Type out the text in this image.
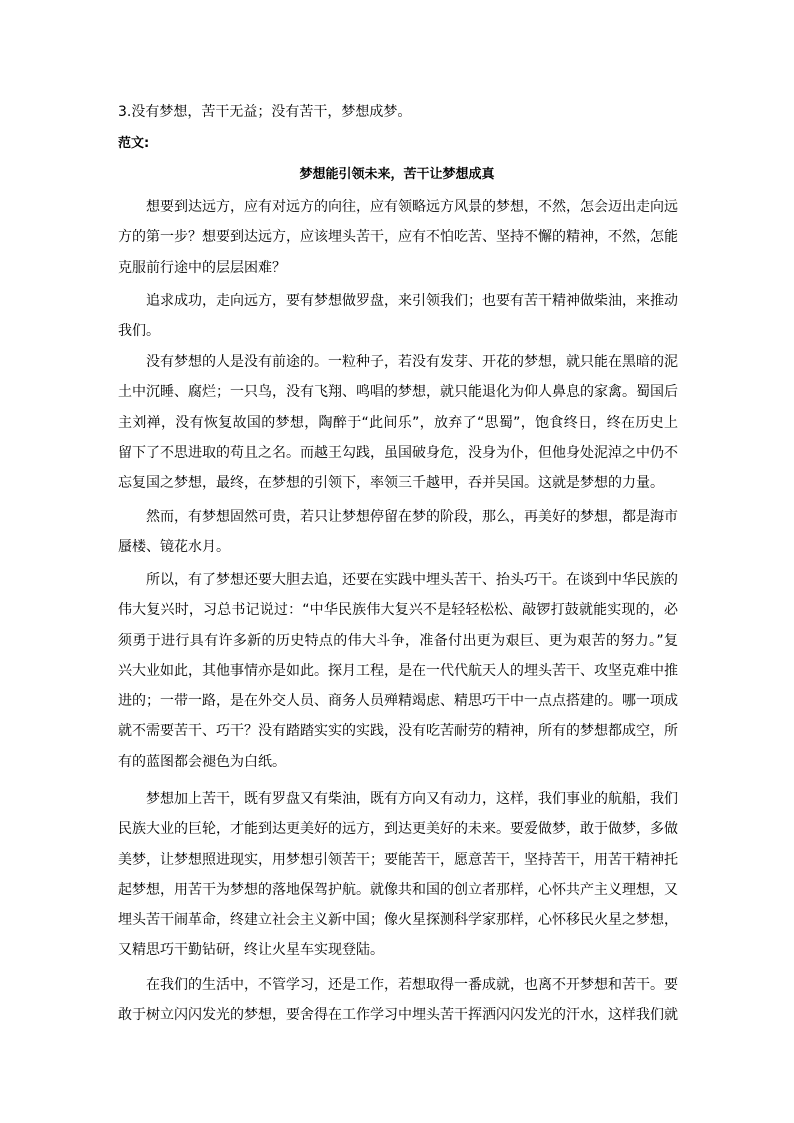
3.没有梦想，苦干无益；没有苦干，梦想成梦。

范文:

梦想能引领未来，苦干让梦想成真

想要到达远方，应有对远方的向往，应有领略远方风景的梦想，不然，怎会迈出走向远方的第一步？想要到达远方，应该埋头苦干，应有不怕吃苦、坚持不懈的精神，不然，怎能克服前行途中的层层困难？

追求成功，走向远方，要有梦想做罗盘，来引领我们；也要有苦干精神做柴油，来推动我们。

没有梦想的人是没有前途的。一粒种子，若没有发芽、开花的梦想，就只能在黑暗的泥土中沉睡、腐烂；一只鸟，没有飞翔、鸣唱的梦想，就只能退化为仰人鼻息的家禽。蜀国后主刘禅，没有恢复故国的梦想，陶醉于“此间乐”，放弃了“思蜀”，饱食终日，终在历史上留下了不思进取的苟且之名。而越王勾践，虽国破身危，没身为仆，但他身处泥淖之中仍不忘复国之梦想，最终，在梦想的引领下，率领三千越甲，吞并吴国。这就是梦想的力量。

然而，有梦想固然可贵，若只让梦想停留在梦的阶段，那么，再美好的梦想，都是海市蜃楼、镜花水月。

所以，有了梦想还要大胆去追，还要在实践中埋头苦干、抬头巧干。在谈到中华民族的伟大复兴时，习总书记说过：“中华民族伟大复兴不是轻轻松松、敲锣打鼓就能实现的，必须勇于进行具有许多新的历史特点的伟大斗争，准备付出更为艰巨、更为艰苦的努力。”复兴大业如此，其他事情亦是如此。探月工程，是在一代代航天人的埋头苦干、攻坚克难中推进的；一带一路，是在外交人员、商务人员殚精竭虑、精思巧干中一点点搭建的。哪一项成就不需要苦干、巧干？没有踏踏实实的实践，没有吃苦耐劳的精神，所有的梦想都成空，所有的蓝图都会褪色为白纸。

梦想加上苦干，既有罗盘又有柴油，既有方向又有动力，这样，我们事业的航船，我们民族大业的巨轮，才能到达更美好的远方，到达更美好的未来。要爱做梦，敢于做梦，多做美梦，让梦想照进现实，用梦想引领苦干；要能苦干，愿意苦干，坚持苦干，用苦干精神托起梦想，用苦干为梦想的落地保驾护航。就像共和国的创立者那样，心怀共产主义理想，又埋头苦干闹革命，终建立社会主义新中国；像火星探测科学家那样，心怀移民火星之梦想，又精思巧干勤钻研，终让火星车实现登陆。

在我们的生活中，不管学习，还是工作，若想取得一番成就，也离不开梦想和苦干。要敢于树立闪闪发光的梦想，要舍得在工作学习中埋头苦干挥洒闪闪发光的汗水，这样我们就
